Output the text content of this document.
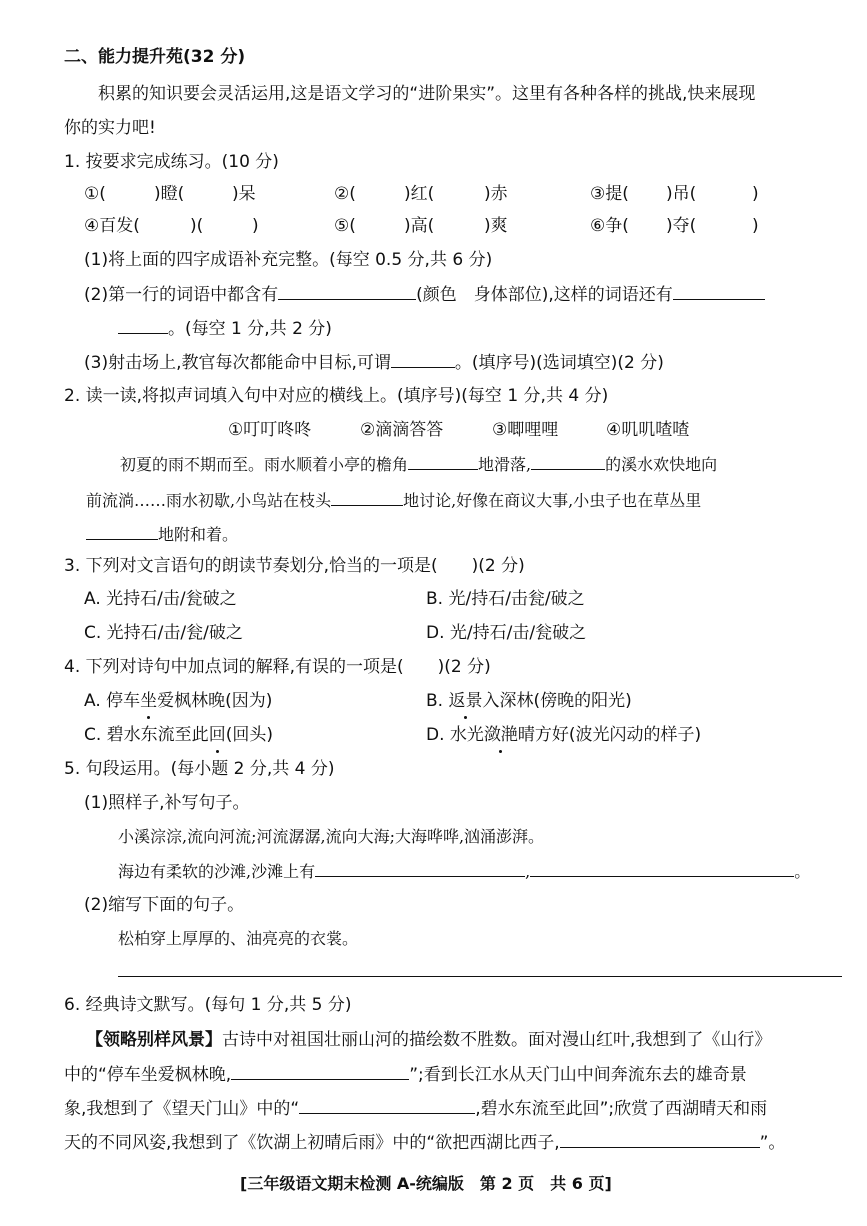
二、能力提升苑(32 分)
积累的知识要会灵活运用,这是语文学习的“进阶果实”。这里有各种各样的挑战,快来展现
你的实力吧!
1. 按要求完成练习。(10 分)
①(	)瞪(	)呆	②(	)红(	)赤	③提( )吊(	)
④百发(	)(	)	⑤(	)高(	)爽	⑥争( )夺(	)
(1)将上面的四字成语补充完整。(每空 0.5 分,共 6 分)
(2)第一行的词语中都含有	(颜色　身体部位),这样的词语还有
。(每空 1 分,共 2 分)
(3)射击场上,教官每次都能命中目标,可谓	。(填序号)(选词填空)(2 分)
2. 读一读,将拟声词填入句中对应的横线上。(填序号)(每空 1 分,共 4 分)
①叮叮咚咚	②滴滴答答	③唧哩哩	④叽叽喳喳
初夏的雨不期而至。雨水顺着小亭的檐角	地滑落,	的溪水欢快地向
前流淌……雨水初歇,小鸟站在枝头	地讨论,好像在商议大事,小虫子也在草丛里
地附和着。
3. 下列对文言语句的朗读节奏划分,恰当的一项是(　　)(2 分)
A. 光持石/击/瓮破之	B. 光/持石/击瓮/破之
C. 光持石/击/瓮/破之	D. 光/持石/击/瓮破之
4. 下列对诗句中加点词的解释,有误的一项是(　　)(2 分)
A. 停车坐爱枫林晚(因为)	B. 返景入深林(傍晚的阳光)
C. 碧水东流至此回(回头)	D. 水光潋滟晴方好(波光闪动的样子)
5. 句段运用。(每小题 2 分,共 4 分)
(1)照样子,补写句子。
小溪淙淙,流向河流;河流潺潺,流向大海;大海哗哗,汹涌澎湃。
海边有柔软的沙滩,沙滩上有	,	。
(2)缩写下面的句子。
松柏穿上厚厚的、油亮亮的衣裳。
6. 经典诗文默写。(每句 1 分,共 5 分)
【领略别样风景】古诗中对祖国壮丽山河的描绘数不胜数。面对漫山红叶,我想到了《山行》
中的“停车坐爱枫林晚,	”;看到长江水从天门山中间奔流东去的雄奇景
象,我想到了《望天门山》中的“	,碧水东流至此回”;欣赏了西湖晴天和雨
天的不同风姿,我想到了《饮湖上初晴后雨》中的“欲把西湖比西子,	”。
[三年级语文期末检测 A-统编版　第 2 页　共 6 页]
